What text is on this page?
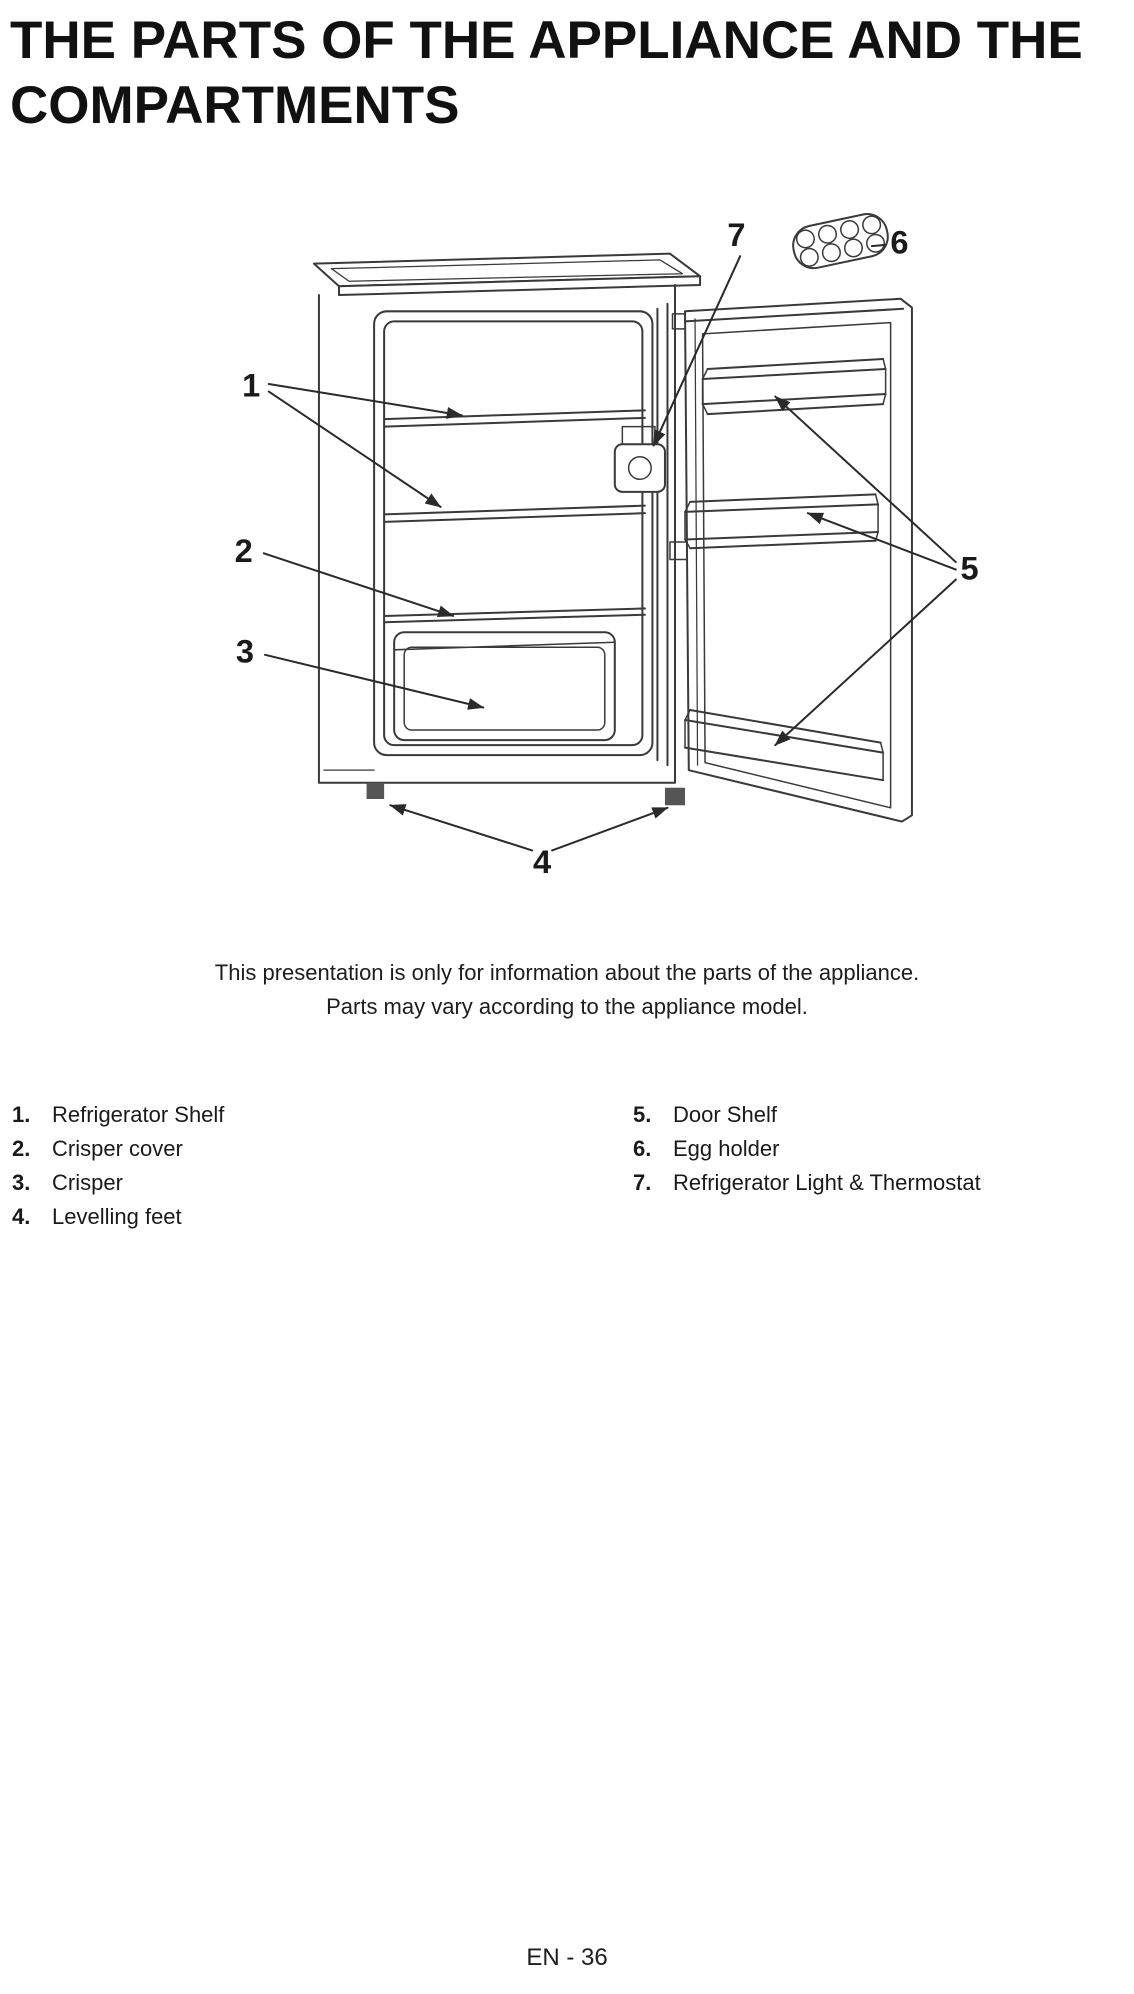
THE PARTS OF THE APPLIANCE AND THE
COMPARTMENTS
1
2
3
4
5
6
7
This presentation is only for information about the parts of the appliance.
Parts may vary according to the appliance model.
1. Refrigerator Shelf
2. Crisper cover
3. Crisper
4. Levelling feet
5. Door Shelf
6. Egg holder
7. Refrigerator Light & Thermostat
EN - 36
